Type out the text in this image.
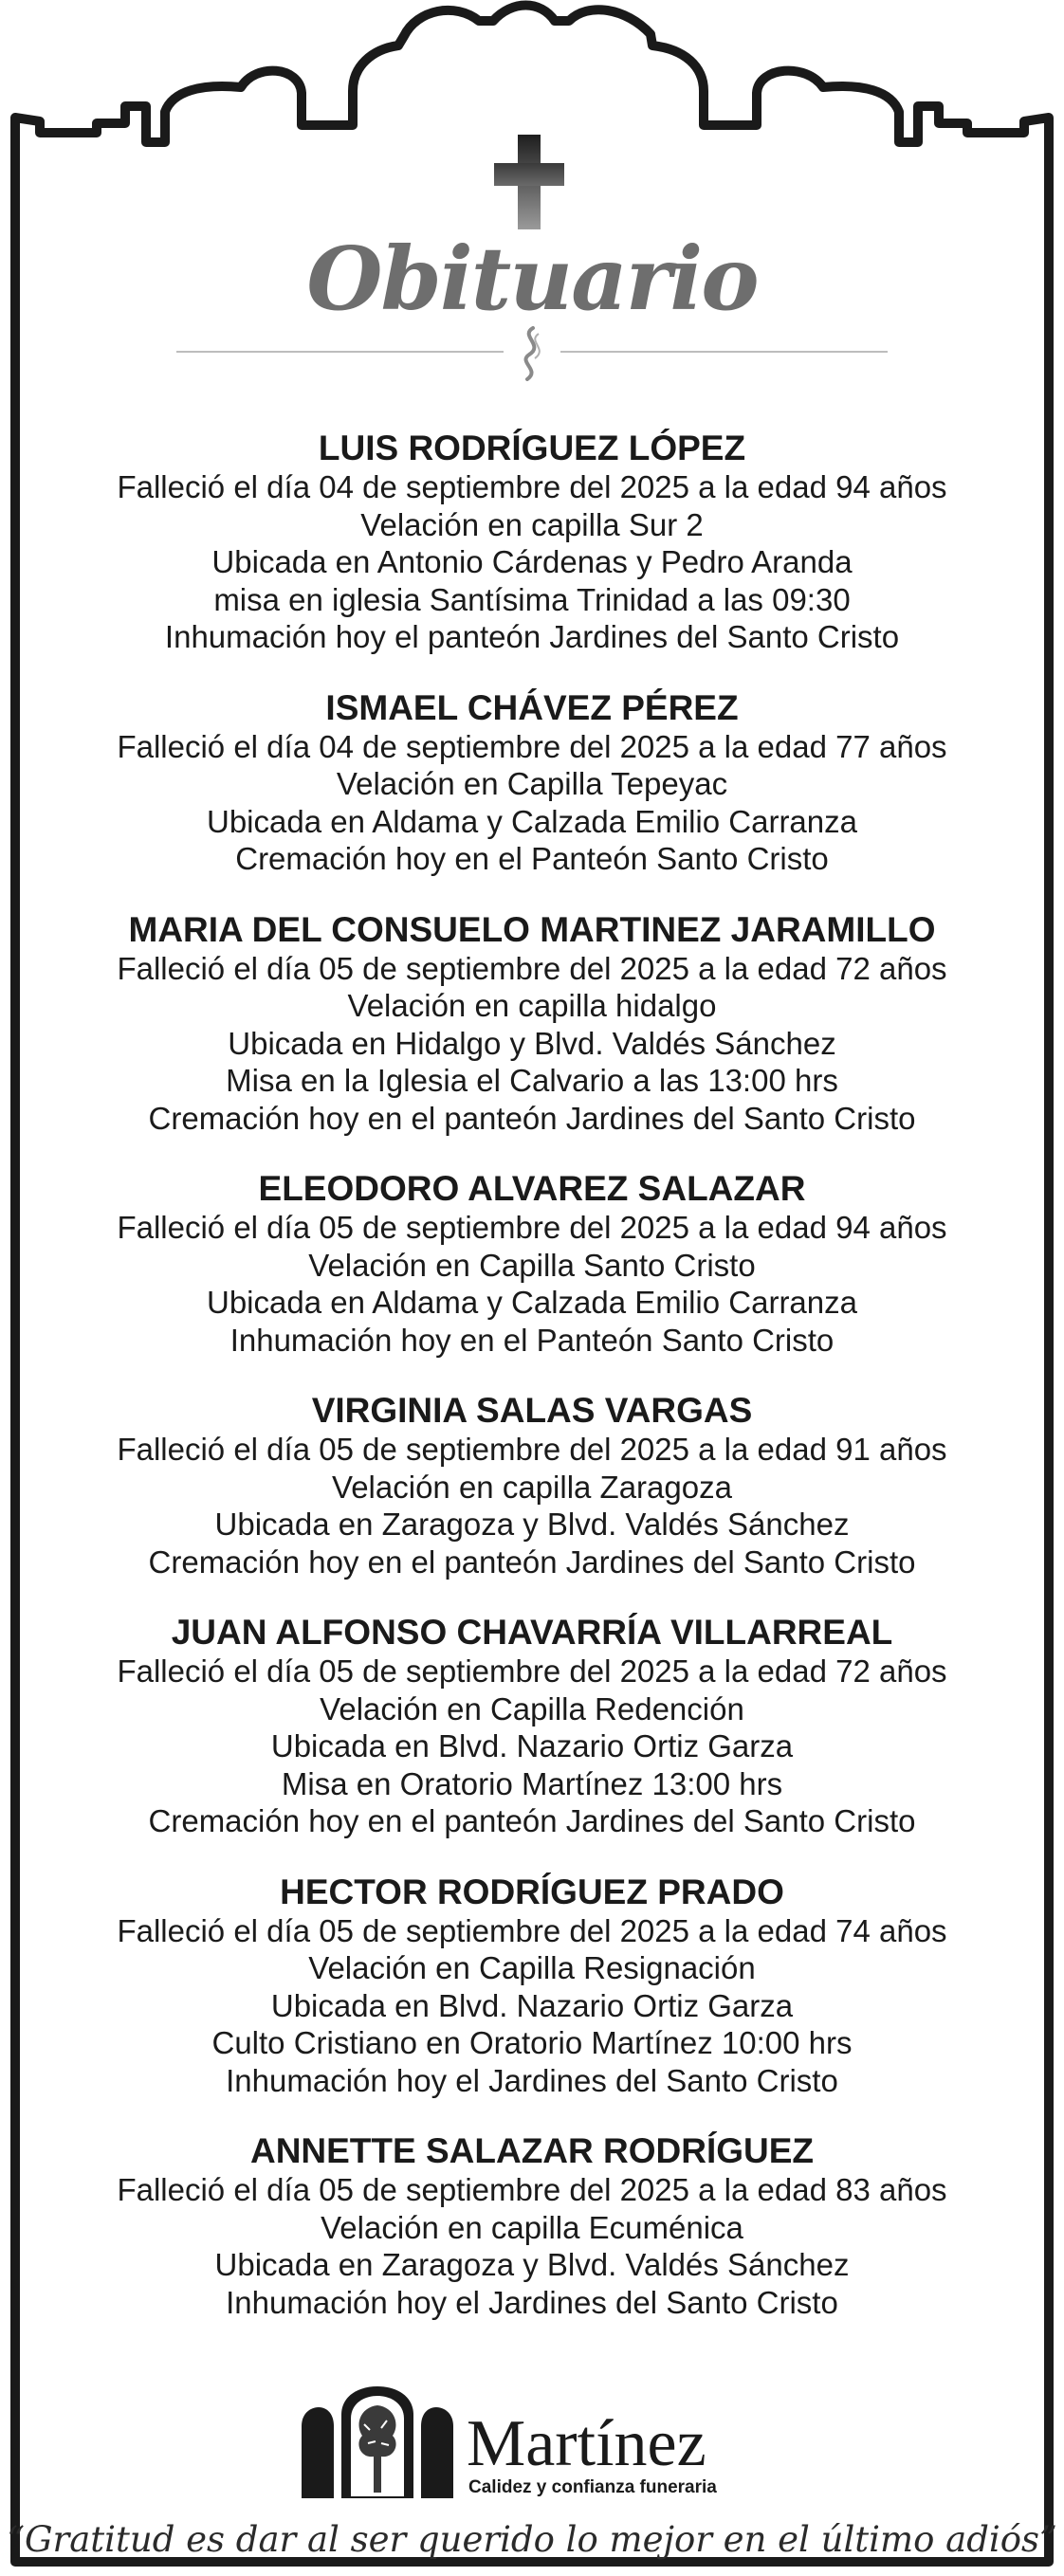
Obituario
LUIS RODRÍGUEZ LÓPEZ
Falleció el día 04 de septiembre del 2025 a la edad 94 años
Velación en capilla Sur 2
Ubicada en Antonio Cárdenas y Pedro Aranda
misa en iglesia Santísima Trinidad a las 09:30
Inhumación hoy el panteón Jardines del Santo Cristo
ISMAEL CHÁVEZ PÉREZ
Falleció el día 04 de septiembre del 2025 a la edad 77 años
Velación en Capilla Tepeyac
Ubicada en Aldama y Calzada Emilio Carranza
Cremación hoy en el Panteón Santo Cristo
MARIA DEL CONSUELO MARTINEZ JARAMILLO
Falleció el día 05 de septiembre del 2025 a la edad 72 años
Velación en capilla hidalgo
Ubicada en Hidalgo y Blvd. Valdés Sánchez
Misa en la Iglesia el Calvario a las 13:00 hrs
Cremación hoy en el panteón Jardines del Santo Cristo
ELEODORO ALVAREZ SALAZAR
Falleció el día 05 de septiembre del 2025 a la edad 94 años
Velación en Capilla Santo Cristo
Ubicada en Aldama y Calzada Emilio Carranza
Inhumación hoy en el Panteón Santo Cristo
VIRGINIA SALAS VARGAS
Falleció el día 05 de septiembre del 2025 a la edad 91 años
Velación en capilla Zaragoza
Ubicada en Zaragoza y Blvd. Valdés Sánchez
Cremación hoy en el panteón Jardines del Santo Cristo
JUAN ALFONSO CHAVARRÍA VILLARREAL
Falleció el día 05 de septiembre del 2025 a la edad 72 años
Velación en Capilla Redención
Ubicada en Blvd. Nazario Ortiz Garza
Misa en Oratorio Martínez 13:00 hrs
Cremación hoy en el panteón Jardines del Santo Cristo
HECTOR RODRÍGUEZ PRADO
Falleció el día 05 de septiembre del 2025 a la edad 74 años
Velación en Capilla Resignación
Ubicada en Blvd. Nazario Ortiz Garza
Culto Cristiano en Oratorio Martínez 10:00 hrs
Inhumación hoy el Jardines del Santo Cristo
ANNETTE SALAZAR RODRÍGUEZ
Falleció el día 05 de septiembre del 2025 a la edad 83 años
Velación en capilla Ecuménica
Ubicada en Zaragoza y Blvd. Valdés Sánchez
Inhumación hoy el Jardines del Santo Cristo
Martínez
Calidez y confianza funeraria
“Gratitud es dar al ser querido lo mejor en el último adiós”
